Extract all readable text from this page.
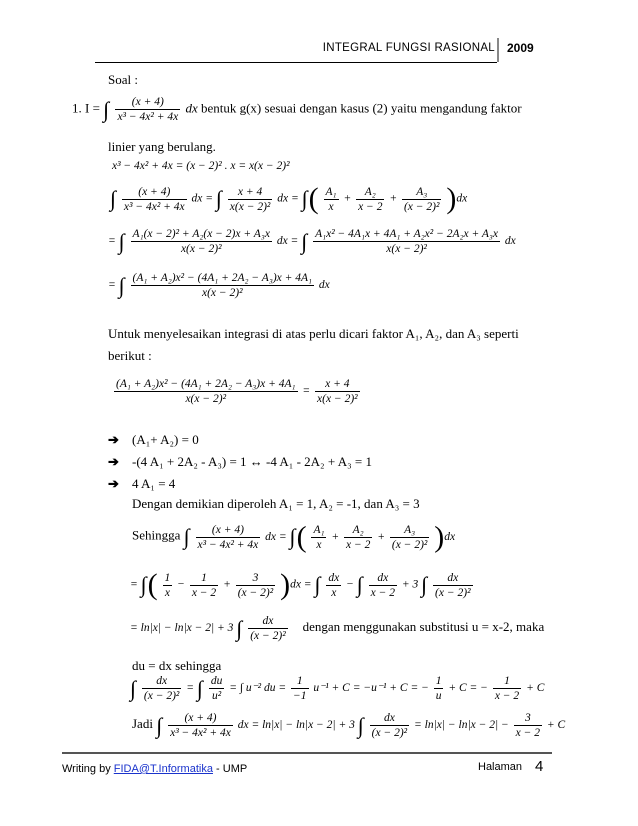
INTEGRAL FUNGSI RASIONAL 2009
Soal :
1. I = ∫ $\frac{(x + 4)}{\text{x³ − 4x² + 4x}}$ dx bentuk g(x) sesuai dengan kasus (2) yaitu mengandung faktor
linier yang berulang.
x³ − 4x² + 4x = (x − 2)² . x = x(x − 2)²
∫ $\frac{(x + 4)}{\text{x³ − 4x² + 4x}}$ dx = ∫ $\frac{x + 4}{\text{x(x − 2)²}}$ dx = ∫( $\frac{\text{A₁}}{x} + \frac{\text{A₂}}{x - 2} + \frac{\text{A₃}}{\text{(x − 2)²}} )dx$
= ∫ $\frac{\text{A₁(x − 2)² + A₂(x − 2)x + A₃x}}{\text{x(x − 2)²}}$ dx = ∫ $\frac{\text{A₁x² − 4A₁x + 4A₁ + A₂x² − 2A₂x + A₃x}}{\text{x(x − 2)²}}$ dx
= ∫ $\frac{\text{(A₁ + A₂)x² − (4A₁ + 2A₂ − A₃)x + 4A₁}}{\text{x(x − 2)²}}$ dx
Untuk menyelesaikan integrasi di atas perlu dicari faktor A₁, A₂, dan A₃ seperti
berikut :
$\frac{\text{(A₁ + A₂)x² − (4A₁ + 2A₂ − A₃)x + 4A₁}}{\text{x(x − 2)²}} = \frac{x + 4}{\text{x(x − 2)²}}$
➔ (A₁+ A₂) = 0
➔ -(4 A₁ + 2A₂ - A₃) = 1 ↔ -4 A₁ - 2A₂ + A₃ = 1
➔ 4 A₁ = 4
Dengan demikian diperoleh A₁ = 1, A₂ = -1, dan A₃ = 3
Sehingga ∫ $\frac{(x + 4)}{\text{x³ − 4x² + 4x}}$ dx = ∫( $\frac{\text{A₁}}{x} + \frac{\text{A₂}}{x - 2} + \frac{\text{A₃}}{\text{(x − 2)²}} )dx$
= ∫( $\frac{1}{x} - \frac{1}{x - 2} + \frac{3}{\text{(x − 2)²}} )dx$ = ∫ $\frac{dx}{x}$ − ∫ $\frac{dx}{x - 2} + 3$ ∫ $\frac{dx}{\text{(x − 2)²}}$
= ln|x| − ln|x − 2| + 3 ∫ $\frac{dx}{\text{(x − 2)²}}$ dengan menggunakan substitusi u = x-2, maka
du = dx sehingga
∫ $\frac{dx}{\text{(x − 2)²}}$ = ∫ $\frac{du}{\text{u²}}$ = ∫ u⁻² du = $\frac{1}{-1} u^{-1} + C = -u^{-1} + C$ = − $\frac{1}{u} + C$ = − $\frac{1}{x - 2} + C$
Jadi ∫ $\frac{(x + 4)}{\text{x³ − 4x² + 4x}}$ dx = ln|x| − ln|x − 2| + 3 ∫ $\frac{dx}{\text{(x − 2)²}} = \ln|x| - \ln|x - 2| - \frac{3}{x - 2} + C$
Writing by FIDA@T.Informatika - UMP	Halaman 4
